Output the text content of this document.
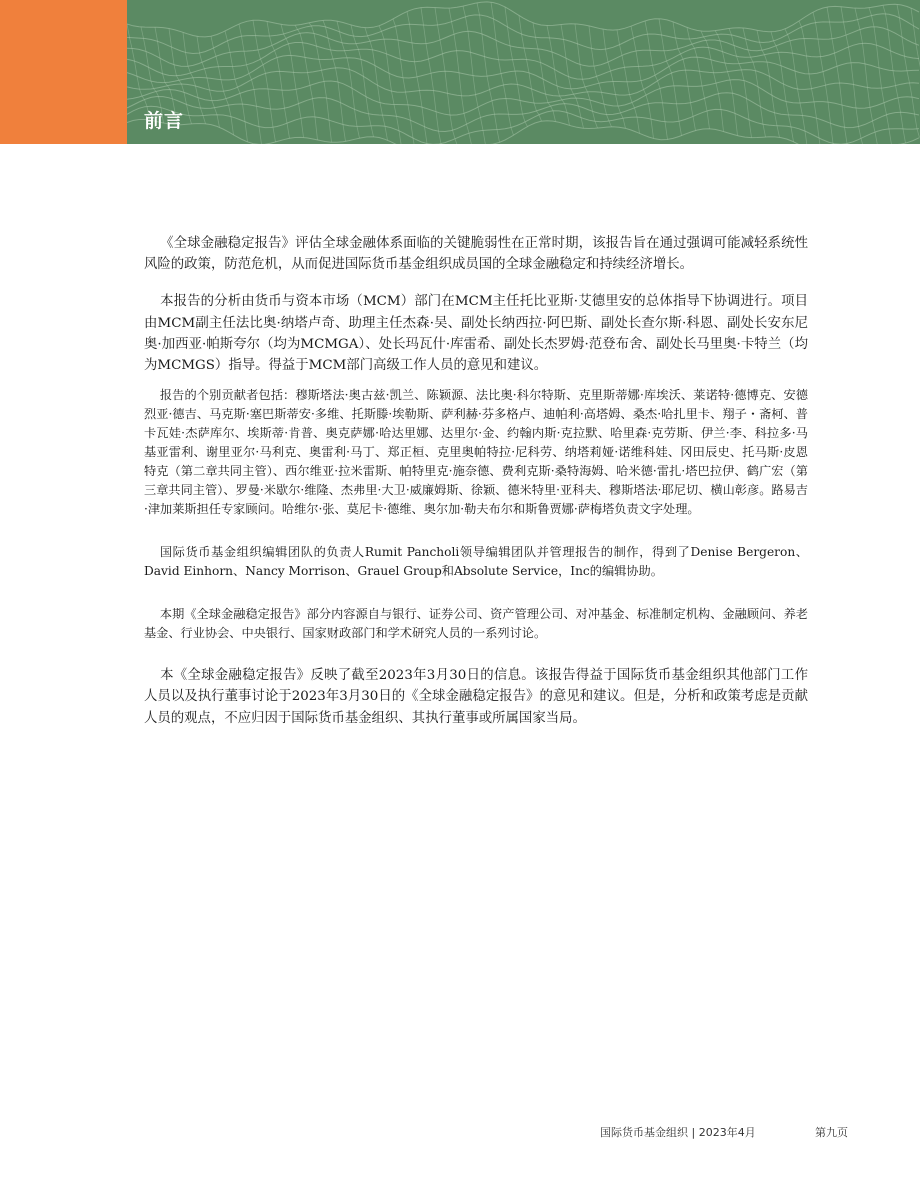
前言

《全球金融稳定报告》评估全球金融体系面临的关键脆弱性在正常时期，该报告旨在通过强调可能减轻系统性风险的政策，防范危机，从而促进国际货币基金组织成员国的全球金融稳定和持续经济增长。

本报告的分析由货币与资本市场（MCM）部门在MCM主任托比亚斯·艾德里安的总体指导下协调进行。项目由MCM副主任法比奥·纳塔卢奇、助理主任杰森·吴、副处长纳西拉·阿巴斯、副处长查尔斯·科恩、副处长安东尼奥·加西亚·帕斯夸尔（均为MCMGA）、处长玛瓦什·库雷希、副处长杰罗姆·范登布舍、副处长马里奥·卡特兰（均为MCMGS）指导。得益于MCM部门高级工作人员的意见和建议。

报告的个别贡献者包括：穆斯塔法·奥古兹·凯兰、陈颖源、法比奥·科尔特斯、克里斯蒂娜·库埃沃、莱诺特·德博克、安德烈亚·德吉、马克斯·塞巴斯蒂安·多维、托斯滕·埃勒斯、萨利赫·芬多格卢、迪帕利·高塔姆、桑杰·哈扎里卡、翔子・斋柯、普卡瓦娃·杰萨库尔、埃斯蒂·肯普、奥克萨娜·哈达里娜、达里尔·金、约翰内斯·克拉默、哈里森·克劳斯、伊兰·李、科拉多·马基亚雷利、谢里亚尔·马利克、奥雷利·马丁、郑正桓、克里奥帕特拉·尼科劳、纳塔莉娅·诺维科娃、冈田辰史、托马斯·皮恩特克（第二章共同主管）、西尔维亚·拉米雷斯、帕特里克·施奈德、费利克斯·桑特海姆、哈米德·雷扎·塔巴拉伊、鹤广宏（第三章共同主管）、罗曼·米歇尔·维隆、杰弗里·大卫·威廉姆斯、徐颖、德米特里·亚科夫、穆斯塔法·耶尼切、横山彰彦。路易吉·津加莱斯担任专家顾问。哈维尔·张、莫尼卡·德维、奥尔加·勒夫布尔和斯鲁贾娜·萨梅塔负责文字处理。

国际货币基金组织编辑团队的负责人Rumit Pancholi领导编辑团队并管理报告的制作，得到了Denise Bergeron、David Einhorn、Nancy Morrison、Grauel Group和Absolute Service，Inc的编辑协助。

本期《全球金融稳定报告》部分内容源自与银行、证券公司、资产管理公司、对冲基金、标准制定机构、金融顾问、养老基金、行业协会、中央银行、国家财政部门和学术研究人员的一系列讨论。

本《全球金融稳定报告》反映了截至2023年3月30日的信息。该报告得益于国际货币基金组织其他部门工作人员以及执行董事讨论于2023年3月30日的《全球金融稳定报告》的意见和建议。但是，分析和政策考虑是贡献人员的观点，不应归因于国际货币基金组织、其执行董事或所属国家当局。

国际货币基金组织 | 2023年4月	第九页
